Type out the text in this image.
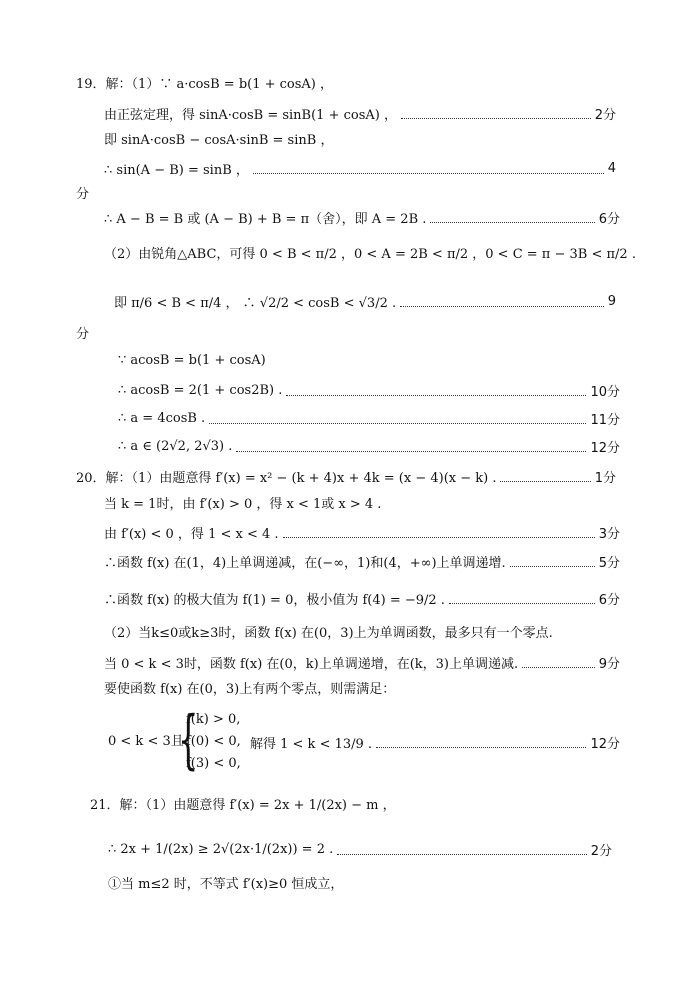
19．解：（1）∵ a·cosB = b(1 + cosA) ，
由正弦定理，得 sinA·cosB = sinB(1 + cosA) ，	2分
即 sinA·cosB − cosA·sinB = sinB ，
∴ sin(A − B) = sinB ，	4
分
∴ A − B = B 或 (A − B) + B = π（舍），即 A = 2B .	6分
（2）由锐角△ABC，可得 0 < B < π/2 ，0 < A = 2B < π/2 ，0 < C = π − 3B < π/2 .
即 π/6 < B < π/4 ， ∴ √2/2 < cosB < √3/2 .	9
分
∵ acosB = b(1 + cosA)
∴ acosB = 2(1 + cos2B) .	10分
∴ a = 4cosB .	11分
∴ a ∈ (2√2, 2√3) .	12分
20．解：（1）由题意得 f′(x) = x² − (k + 4)x + 4k = (x − 4)(x − k) .	1分
当 k = 1时，由 f′(x) > 0 ，得 x < 1或 x > 4 .
由 f′(x) < 0 ，得 1 < x < 4 .	3分
∴函数 f(x) 在(1，4)上单调递减，在(−∞，1)和(4，+∞)上单调递增.	5分
∴函数 f(x) 的极大值为 f(1) = 0，极小值为 f(4) = −9/2 .	6分
（2）当k≤0或k≥3时，函数 f(x) 在(0，3)上为单调函数，最多只有一个零点.
当 0 < k < 3时，函数 f(x) 在(0，k)上单调递增，在(k，3)上单调递减.	9分
要使函数 f(x) 在(0，3)上有两个零点，则需满足：
0 < k < 3且
{
f(k) > 0,
f(0) < 0,
f(3) < 0,
解得 1 < k < 13/9 .	12分
21．解：（1）由题意得 f′(x) = 2x + 1/(2x) − m ，
∴ 2x + 1/(2x) ≥ 2√(2x·1/(2x)) = 2 .	2分
①当 m≤2 时，不等式 f′(x)≥0 恒成立，
